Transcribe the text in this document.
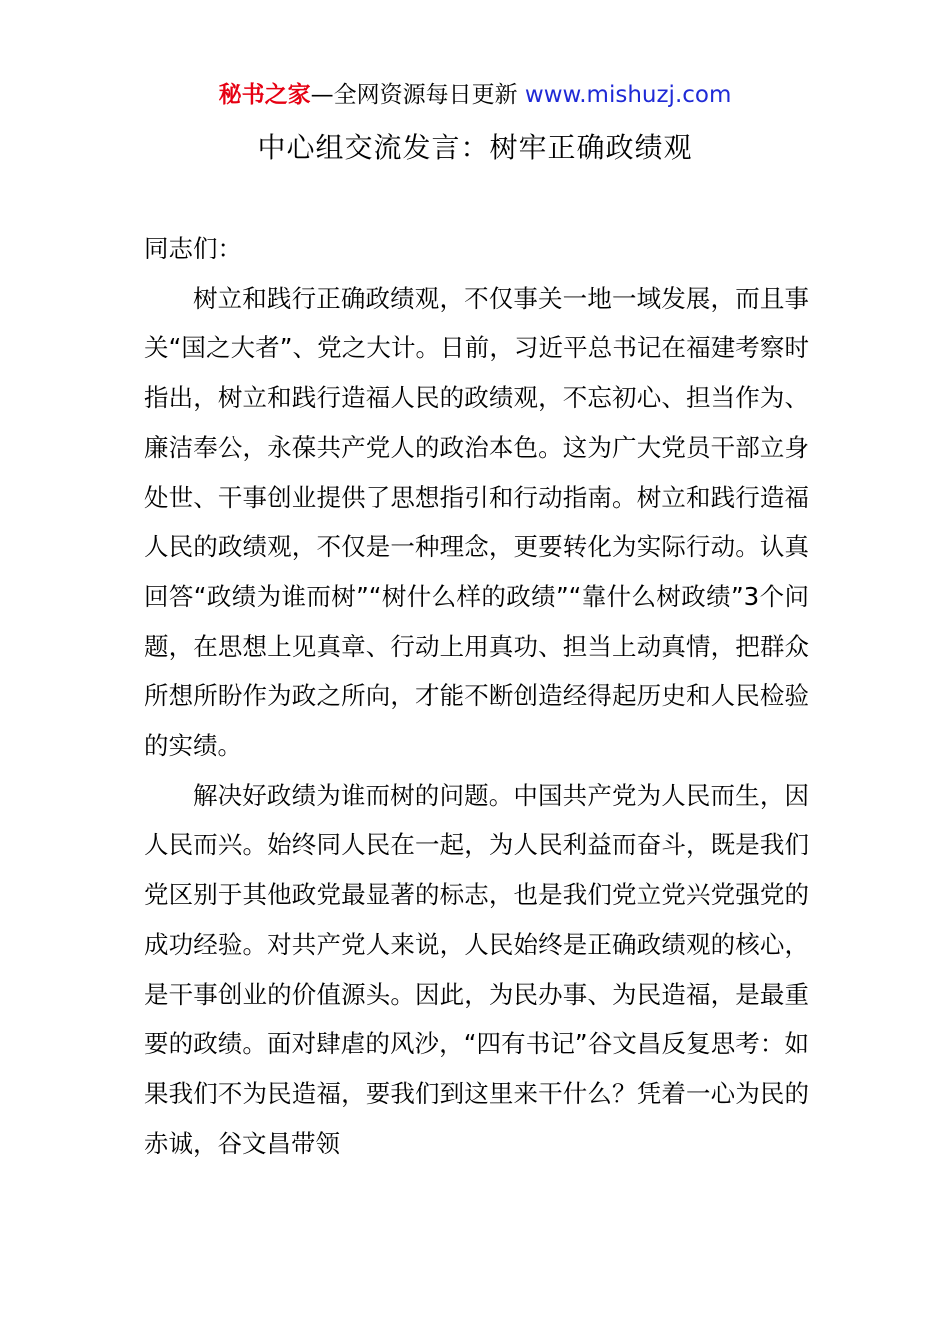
秘书之家—全网资源每日更新 www.mishuzj.com
中心组交流发言：树牢正确政绩观

同志们：

树立和践行正确政绩观，不仅事关一地一域发展，而且事关“国之大者”、党之大计。日前，习近平总书记在福建考察时指出，树立和践行造福人民的政绩观，不忘初心、担当作为、廉洁奉公，永葆共产党人的政治本色。这为广大党员干部立身处世、干事创业提供了思想指引和行动指南。树立和践行造福人民的政绩观，不仅是一种理念，更要转化为实际行动。认真回答“政绩为谁而树”“树什么样的政绩”“靠什么树政绩”3个问题，在思想上见真章、行动上用真功、担当上动真情，把群众所想所盼作为政之所向，才能不断创造经得起历史和人民检验的实绩。

解决好政绩为谁而树的问题。中国共产党为人民而生，因人民而兴。始终同人民在一起，为人民利益而奋斗，既是我们党区别于其他政党最显著的标志，也是我们党立党兴党强党的成功经验。对共产党人来说，人民始终是正确政绩观的核心，是干事创业的价值源头。因此，为民办事、为民造福，是最重要的政绩。面对肆虐的风沙，“四有书记”谷文昌反复思考：如果我们不为民造福，要我们到这里来干什么？凭着一心为民的赤诚，谷文昌带领
